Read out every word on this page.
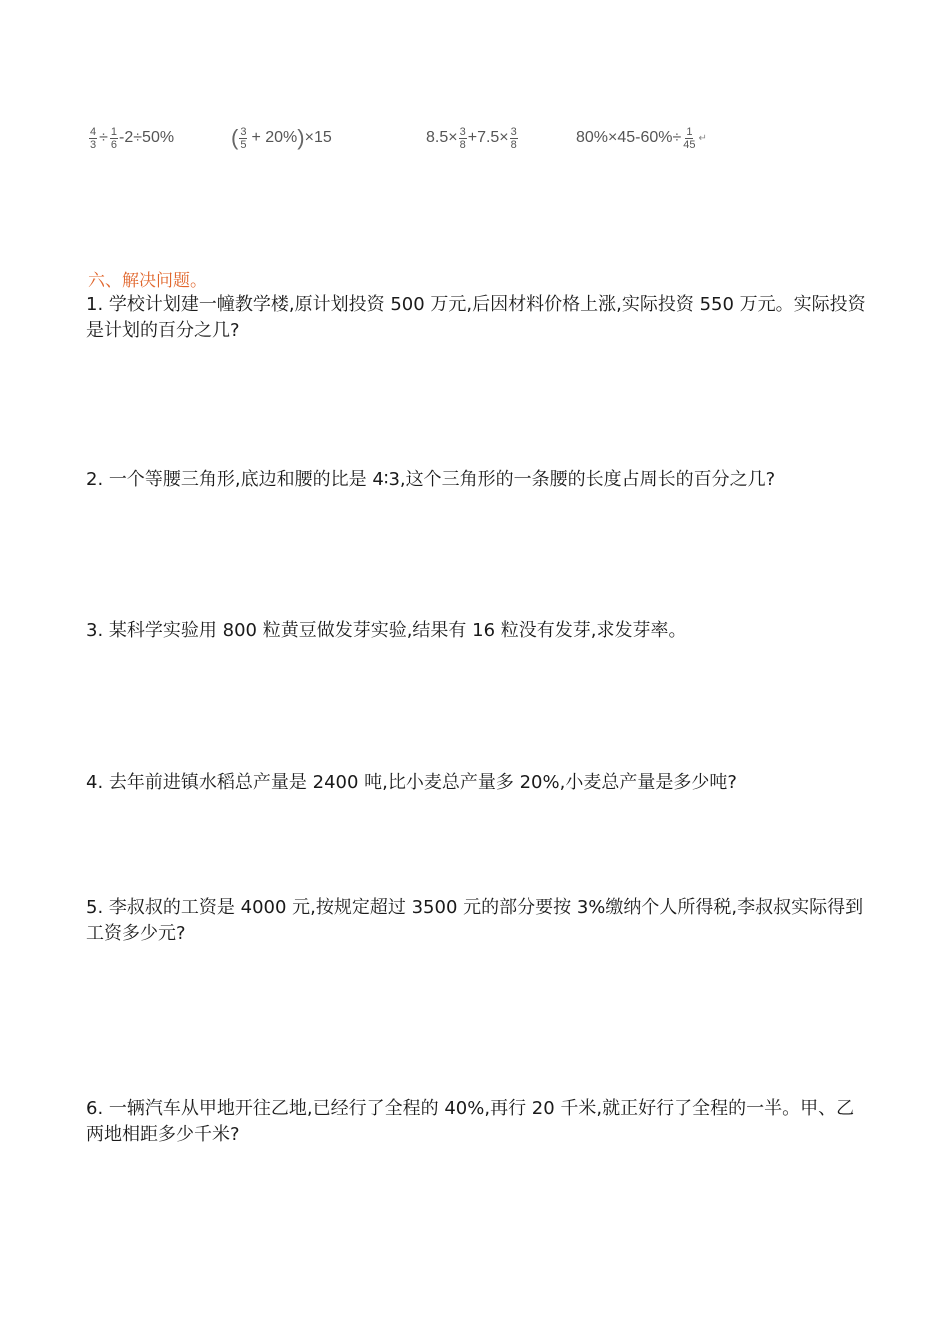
$\frac{4}{3} \div \frac{1}{6} -2\div 50\%$	( $\frac{3}{5} + 20\%$ ) ×15	$8.5\times \frac{3}{8} +7.5\times \frac{3}{8}$	$80\%\times 45-60\%\div \frac{1}{45}$ ↵
六、解决问题。
1. 学校计划建一幢教学楼,原计划投资 500 万元,后因材料价格上涨,实际投资 550 万元。实际投资是计划的百分之几?
2. 一个等腰三角形,底边和腰的比是 4∶3,这个三角形的一条腰的长度占周长的百分之几?
3. 某科学实验用 800 粒黄豆做发芽实验,结果有 16 粒没有发芽,求发芽率。
4. 去年前进镇水稻总产量是 2400 吨,比小麦总产量多 20%,小麦总产量是多少吨?
5. 李叔叔的工资是 4000 元,按规定超过 3500 元的部分要按 3%缴纳个人所得税,李叔叔实际得到工资多少元?
6. 一辆汽车从甲地开往乙地,已经行了全程的 40%,再行 20 千米,就正好行了全程的一半。甲、乙两地相距多少千米?
